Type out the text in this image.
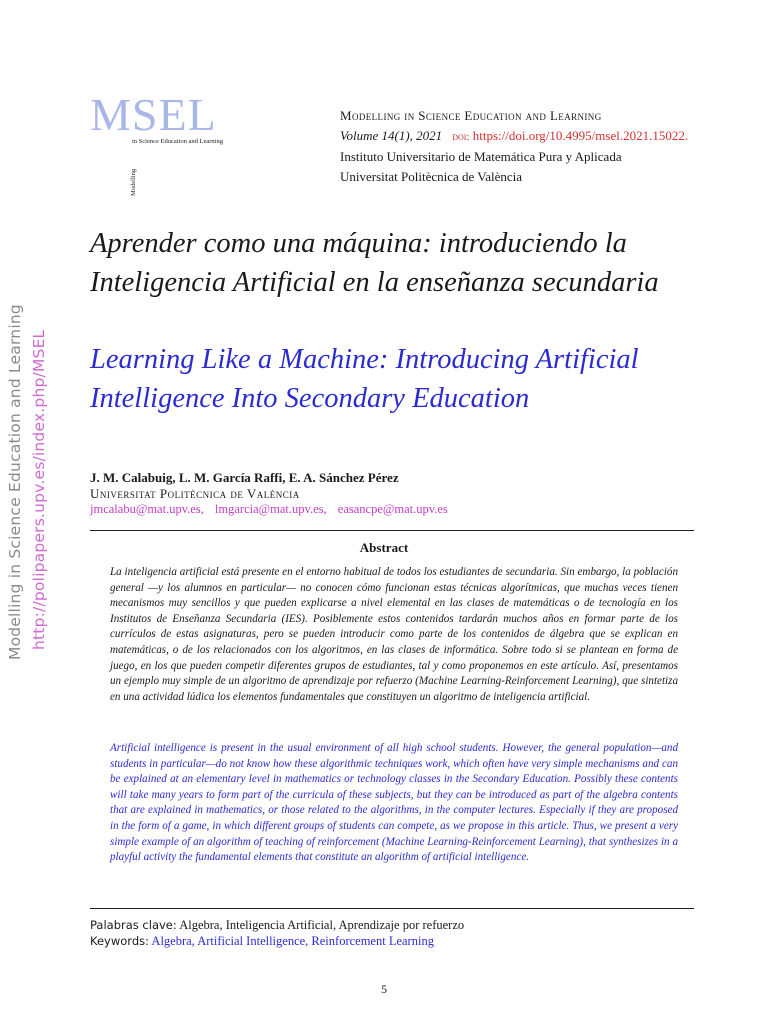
Modelling in Science Education and Learning http://polipapers.upv.es/index.php/MSEL
MSEL
Modelling
in Science Education and Learning
Modelling in Science Education and Learning
Volume 14(1), 2021 doi: https://doi.org/10.4995/msel.2021.15022.
Instituto Universitario de Matemática Pura y Aplicada
Universitat Politècnica de València
Aprender como una máquina: introduciendo la Inteligencia Artificial en la enseñanza secundaria
Learning Like a Machine: Introducing Artificial Intelligence Into Secondary Education
J. M. Calabuig, L. M. García Raffi, E. A. Sánchez Pérez
Universitat Politècnica de València
jmcalabu@mat.upv.es, lmgarcia@mat.upv.es, easancpe@mat.upv.es
Abstract
La inteligencia artificial está presente en el entorno habitual de todos los estudiantes de secundaria. Sin embargo, la población general —y los alumnos en particular— no conocen cómo funcionan estas técnicas algorítmicas, que muchas veces tienen mecanismos muy sencillos y que pueden explicarse a nivel elemental en las clases de matemáticas o de tecnología en los Institutos de Enseñanza Secundaria (IES). Posiblemente estos contenidos tardarán muchos años en formar parte de los currículos de estas asignaturas, pero se pueden introducir como parte de los contenidos de álgebra que se explican en matemáticas, o de los relacionados con los algoritmos, en las clases de informática. Sobre todo si se plantean en forma de juego, en los que pueden competir diferentes grupos de estudiantes, tal y como proponemos en este artículo. Así, presentamos un ejemplo muy simple de un algoritmo de aprendizaje por refuerzo (Machine Learning-Reinforcement Learning), que sintetiza en una actividad lúdica los elementos fundamentales que constituyen un algoritmo de inteligencia artificial.
Artificial intelligence is present in the usual environment of all high school students. However, the general population—and students in particular—do not know how these algorithmic techniques work, which often have very simple mechanisms and can be explained at an elementary level in mathematics or technology classes in the Secondary Education. Possibly these contents will take many years to form part of the curricula of these subjects, but they can be introduced as part of the algebra contents that are explained in mathematics, or those related to the algorithms, in the computer lectures. Especially if they are proposed in the form of a game, in which different groups of students can compete, as we propose in this article. Thus, we present a very simple example of an algorithm of teaching of reinforcement (Machine Learning-Reinforcement Learning), that synthesizes in a playful activity the fundamental elements that constitute an algorithm of artificial intelligence.
Palabras clave: Algebra, Inteligencia Artificial, Aprendizaje por refuerzo
Keywords: Algebra, Artificial Intelligence, Reinforcement Learning
5
